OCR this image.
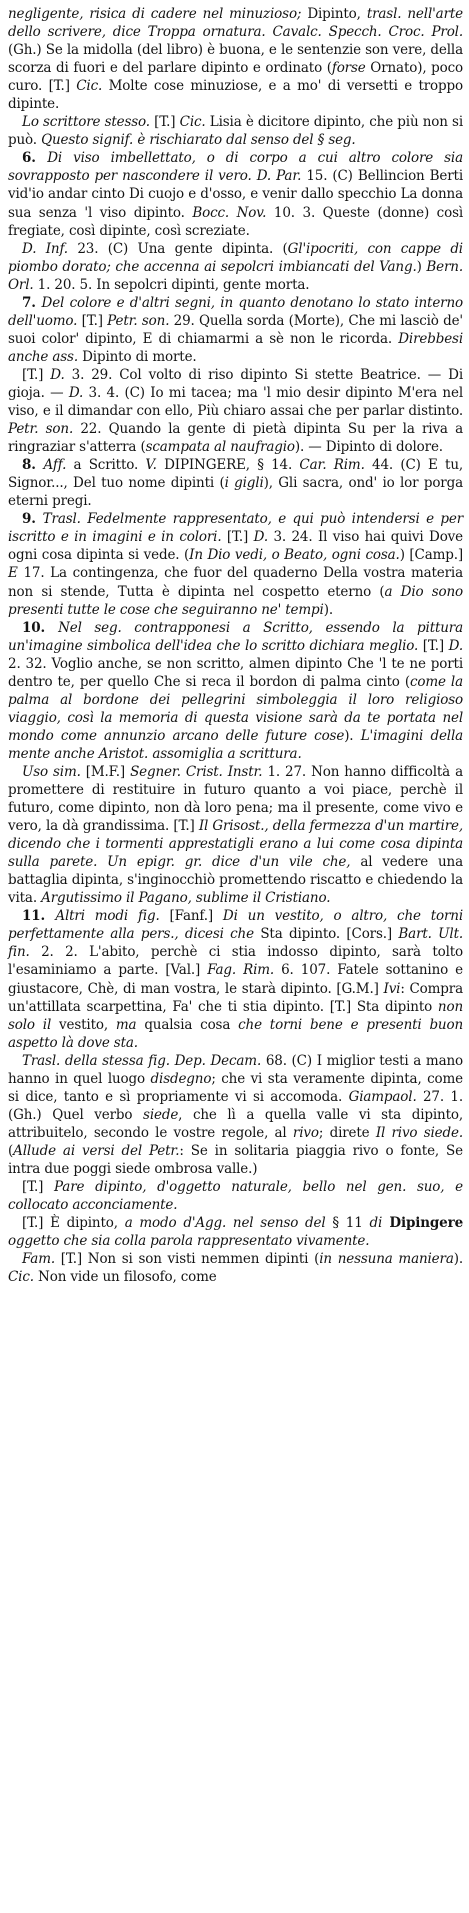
negligente, risica di cadere nel minuzioso; Dipinto, trasl. nell'arte dello scrivere, dice Troppa ornatura. Cavalc. Specch. Croc. Prol. (Gh.) Se la midolla (del libro) è buona, e le sentenzie son vere, della scorza di fuori e del parlare dipinto e ordinato (forse Ornato), poco curo. [T.] Cic. Molte cose minuziose, e a mo' di versetti e troppo dipinte.

Lo scrittore stesso. [T.] Cic. Lisia è dicitore dipinto, che più non si può. Questo signif. è rischiarato dal senso del § seg.

6. Di viso imbellettato, o di corpo a cui altro colore sia sovrapposto per nascondere il vero. D. Par. 15. (C) Bellincion Berti vid'io andar cinto Di cuojo e d'osso, e venir dallo specchio La donna sua senza 'l viso dipinto. Bocc. Nov. 10. 3. Queste (donne) così fregiate, così dipinte, così screziate.

D. Inf. 23. (C) Una gente dipinta. (Gl'ipocriti, con cappe di piombo dorato; che accenna ai sepolcri imbiancati del Vang.) Bern. Orl. 1. 20. 5. In sepolcri dipinti, gente morta.

7. Del colore e d'altri segni, in quanto denotano lo stato interno dell'uomo. [T.] Petr. son. 29. Quella sorda (Morte), Che mi lasciò de' suoi color' dipinto, E di chiamarmi a sè non le ricorda. Direbbesi anche ass. Dipinto di morte.

[T.] D. 3. 29. Col volto di riso dipinto Si stette Beatrice. — Di gioja. — D. 3. 4. (C) Io mi tacea; ma 'l mio desir dipinto M'era nel viso, e il dimandar con ello, Più chiaro assai che per parlar distinto. Petr. son. 22. Quando la gente di pietà dipinta Su per la riva a ringraziar s'atterra (scampata al naufragio). — Dipinto di dolore.

8. Aff. a Scritto. V. DIPINGERE, § 14. Car. Rim. 44. (C) E tu, Signor..., Del tuo nome dipinti (i gigli), Gli sacra, ond' io lor porga eterni pregi.

9. Trasl. Fedelmente rappresentato, e qui può intendersi e per iscritto e in imagini e in colori. [T.] D. 3. 24. Il viso hai quivi Dove ogni cosa dipinta si vede. (In Dio vedi, o Beato, ogni cosa.) [Camp.] E 17. La contingenza, che fuor del quaderno Della vostra materia non si stende, Tutta è dipinta nel cospetto eterno (a Dio sono presenti tutte le cose che seguiranno ne' tempi).

10. Nel seg. contrapponesi a Scritto, essendo la pittura un'imagine simbolica dell'idea che lo scritto dichiara meglio. [T.] D. 2. 32. Voglio anche, se non scritto, almen dipinto Che 'l te ne porti dentro te, per quello Che si reca il bordon di palma cinto (come la palma al bordone dei pellegrini simboleggia il loro religioso viaggio, così la memoria di questa visione sarà da te portata nel mondo come annunzio arcano delle future cose). L'imagini della mente anche Aristot. assomiglia a scrittura.

Uso sim. [M.F.] Segner. Crist. Instr. 1. 27. Non hanno difficoltà a promettere di restituire in futuro quanto a voi piace, perchè il futuro, come dipinto, non dà loro pena; ma il presente, come vivo e vero, la dà grandissima. [T.] Il Grisost., della fermezza d'un martire, dicendo che i tormenti apprestatigli erano a lui come cosa dipinta sulla parete. Un epigr. gr. dice d'un vile che, al vedere una battaglia dipinta, s'inginocchiò promettendo riscatto e chiedendo la vita. Argutissimo il Pagano, sublime il Cristiano.

11. Altri modi fig. [Fanf.] Di un vestito, o altro, che torni perfettamente alla pers., dicesi che Sta dipinto. [Cors.] Bart. Ult. fin. 2. 2. L'abito, perchè ci stia indosso dipinto, sarà tolto l'esaminiamo a parte. [Val.] Fag. Rim. 6. 107. Fatele sottanino e giustacore, Chè, di man vostra, le starà dipinto. [G.M.] Ivi: Compra un'attillata scarpettina, Fa' che ti stia dipinto. [T.] Sta dipinto non solo il vestito, ma qualsia cosa che torni bene e presenti buon aspetto là dove sta.

Trasl. della stessa fig. Dep. Decam. 68. (C) I miglior testi a mano hanno in quel luogo disdegno; che vi sta veramente dipinta, come si dice, tanto e sì propriamente vi si accomoda. Giampaol. 27. 1. (Gh.) Quel verbo siede, che lì a quella valle vi sta dipinto, attribuitelo, secondo le vostre regole, al rivo; direte Il rivo siede. (Allude ai versi del Petr.: Se in solitaria piaggia rivo o fonte, Se intra due poggi siede ombrosa valle.)

[T.] Pare dipinto, d'oggetto naturale, bello nel gen. suo, e collocato acconciamente.

[T.] È dipinto, a modo d'Agg. nel senso del § 11 di Dipingere oggetto che sia colla parola rappresentato vivamente.

Fam. [T.] Non si son visti nemmen dipinti (in nessuna maniera). Cic. Non vide un filosofo, come
